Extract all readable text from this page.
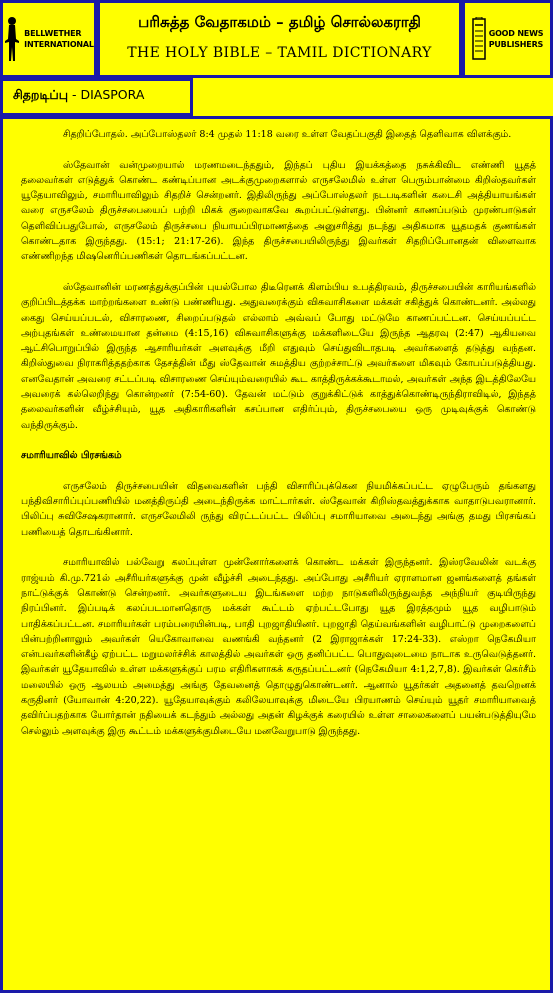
BELLWETHER
INTERNATIONAL
பரிசுத்த வேதாகமம் – தமிழ் சொல்லகராதி
THE HOLY BIBLE – TAMIL DICTIONARY
GOOD NEWS
PUBLISHERS
சிதறடிப்பு - DIASPORA

சிதறிப்போதல். அப்போஸ்தலர் 8:4 முதல் 11:18 வரை உள்ள வேதப்பகுதி இதைத் தெளிவாக விளக்கும்.

ஸ்தேவான் வன்முறையால் மரணமடைந்ததும், இந்தப் புதிய இயக்கத்தை நசுக்கிவிட எண்ணி யூதத் தலைவர்கள் எடுத்துக் கொண்ட கண்டிப்பான அடக்குமுறைகளால் எருசலேமில் உள்ள பெரும்பான்மை கிறிஸ்தவர்கள் யூதேயாவிலும், சமாரியாவிலும் சிதறிச் சென்றனர். இதிலிருந்து அப்போஸ்தலர் நடபடிகளின் கடைசி அத்தியாயங்கள் வரை எருசலேம் திருச்சபையைப் பற்றி மிகக் குறைவாகவே கூறப்பட்டுள்ளது. பின்னர் காணப்படும் முரண்பாடுகள் தெளிவிப்பதுபோல், எருசலேம் திருச்சபை நியாயப்பிரமாணத்தை அனுசரித்து நடந்து அதிகமாக யூதமதக் குணங்கள் கொண்டதாக இருந்தது. (15:1; 21:17-26). இந்த திருச்சபையிலிருந்து இவர்கள் சிதறிப்போனதன் விளைவாக எண்ணிறந்த மிஷனெரிப்பணிகள் தொடங்கப்பட்டன.

ஸ்தேவானின் மரணத்துக்குப்பின் புயல்போல திடீரெனக் கிளம்பிய உபத்திரவம், திருச்சபையின் காரியங்களில் குறிப்பிடத்தக்க மாற்றங்களை உண்டு பண்ணியது. அதுவரைக்கும் விசுவாசிகளை மக்கள் சகித்துக் கொண்டனர். அல்லது கைது செய்யப்படல், விசாரணை, சிறைப்படுதல் எல்லாம் அவ்வப் போது மட்டுமே காணப்பட்டன. செய்யப்பட்ட அற்புதங்கள் உண்மையான தன்மை (4:15,16) விசுவாசிகளுக்கு மக்களிடையே இருந்த ஆதரவு (2:47) ஆகியவை ஆட்சிபொறுப்பில் இருந்த ஆசாரியர்கள் அளவுக்கு மீறி எதுவும் செய்துவிடாதபடி அவர்களைத் தடுத்து வந்தன. கிறிஸ்துவை நிராகரித்ததற்காக தேசத்தின் மீது ஸ்தேவான் சுமத்திய குற்றச்சாட்டு அவர்களை மிகவும் கோபப்படுத்தியது. எனவேதான் அவரை சட்டப்படி விசாரணை செய்யும்வரையில் கூட காத்திருக்கக்கூடாமல், அவர்கள் அந்த இடத்திலேயே அவரைக் கல்லெறிந்து கொன்றனர் (7:54-60). தேவன் மட்டும் குறுக்கிட்டுக் காத்துக்கொண்டிருந்திராவிடில், இந்தத் தலைவர்களின் வீழ்ச்சியும், யூத அதிகாரிகளின் கசப்பான எதிர்ப்பும், திருச்சபையை ஒரு முடிவுக்குக் கொண்டு வந்திருக்கும்.

சமாரியாவில் பிரசங்கம்

எருசலேம் திருச்சபையின் விதவைகளின் பந்தி விசாரிப்புக்கென நியமிக்கப்பட்ட ஏழுபேரும் தங்களது பந்திவிசாரிப்புப்பணியில் மனத்திருப்தி அடைந்திருக்க மாட்டார்கள். ஸ்தேவான் கிறிஸ்தவத்துக்காக வாதாடுபவரானார். பிலிப்பு சுவிசேஷகரானார். எருசலேமிலி ருந்து விரட்டப்பட்ட பிலிப்பு சமாரியாவை அடைந்து அங்கு தமது பிரசங்கப் பணியைத் தொடங்கினார்.

சமாரியாவில் பல்வேறு கலப்புள்ள முன்னோர்களைக் கொண்ட மக்கள் இருந்தனர். இஸ்ரவேலின் வடக்கு ராஜ்யம் கி.மு.721ல் அசீரியர்களுக்கு முன் வீழ்ச்சி அடைந்தது. அப்போது அசீரியர் ஏராளமான ஜனங்களைத் தங்கள் நாட்டுக்குக் கொண்டு சென்றனர். அவர்களுடைய இடங்களை மற்ற நாடுகளிலிருந்துவந்த அந்நியர் குடியிருந்து நிரப்பினர். இப்படிக் கலப்படமானதொரு மக்கள் கூட்டம் ஏற்பட்டபோது யூத இரத்தமும் யூத வழிபாடும் பாதிக்கப்பட்டன. சமாரியர்கள் பரம்பரையின்படி, பாதி புறஜாதியினர். புறஜாதி தெய்வங்களின் வழிபாட்டு முறைகளைப் பின்பற்றினாலும் அவர்கள் யெகோவாவை வணங்கி வந்தனர் (2 இராஜாக்கள் 17:24-33). எஸ்றா நெகேமியா என்பவர்களின்கீழ் ஏற்பட்ட மறுமலர்ச்சிக் காலத்தில் அவர்கள் ஒரு தனிப்பட்ட பொதுவுடைமை நாடாக உருவெடுத்தனர். இவர்கள் யூதேயாவில் உள்ள மக்களுக்குப் பரம எதிரிகளாகக் கருதப்பட்டனர் (நெகேமியா 4:1,2,7,8). இவர்கள் கெர்சீம் மலையில் ஒரு ஆலயம் அமைத்து அங்கு தேவனைத் தொழுதுகொண்டனர். ஆனால் யூதர்கள் அதனைத் தவறெனக் கருதினர் (யோவான் 4:20,22). யூதேயாவுக்கும் கலிலேயாவுக்கு மிடையே பிரயாணம் செய்யும் யூதர் சமாரியாவைத் தவிர்ப்பதற்காக யோர்தான் நதியைக் கடந்தும் அல்லது அதன் கிழக்குக் கரையில் உள்ள சாலைகளைப் பயன்படுத்தியுமே செல்லும் அளவுக்கு இரு கூட்டம் மக்களுக்குமிடையே மனவேறுபாடு இருந்தது.
